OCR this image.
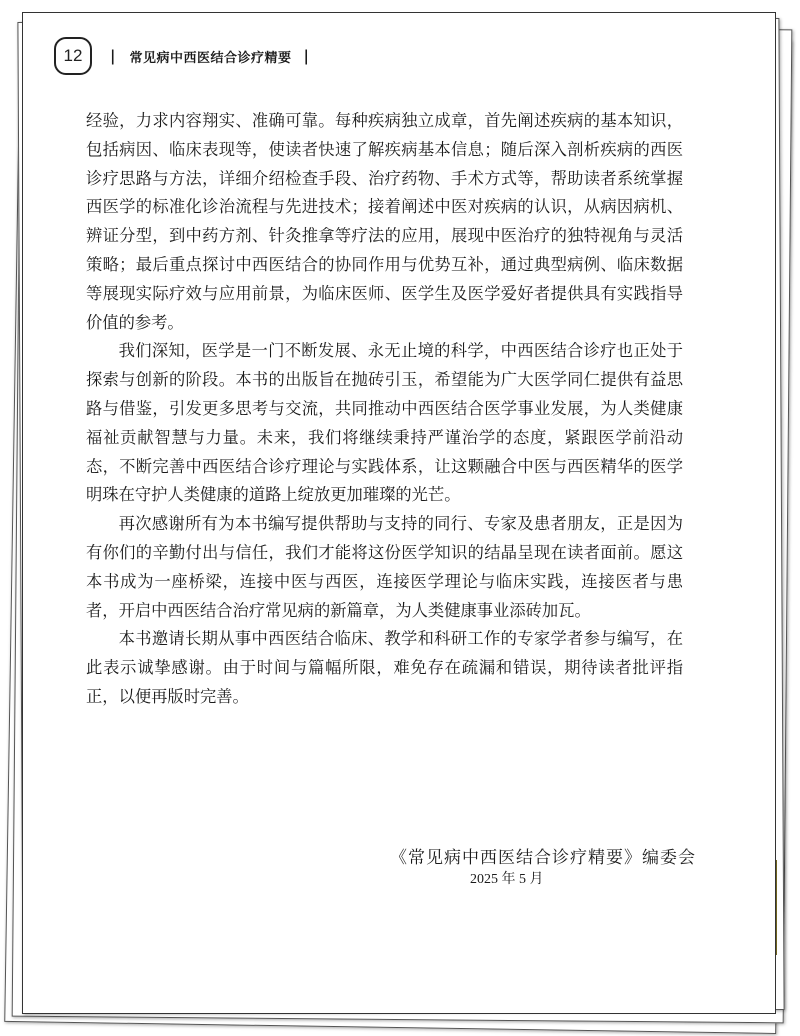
12	| 常见病中西医结合诊疗精要 |

经验，力求内容翔实、准确可靠。每种疾病独立成章，首先阐述疾病的基本知识，包括病因、临床表现等，使读者快速了解疾病基本信息；随后深入剖析疾病的西医诊疗思路与方法，详细介绍检查手段、治疗药物、手术方式等，帮助读者系统掌握西医学的标准化诊治流程与先进技术；接着阐述中医对疾病的认识，从病因病机、辨证分型，到中药方剂、针灸推拿等疗法的应用，展现中医治疗的独特视角与灵活策略；最后重点探讨中西医结合的协同作用与优势互补，通过典型病例、临床数据等展现实际疗效与应用前景，为临床医师、医学生及医学爱好者提供具有实践指导价值的参考。

我们深知，医学是一门不断发展、永无止境的科学，中西医结合诊疗也正处于探索与创新的阶段。本书的出版旨在抛砖引玉，希望能为广大医学同仁提供有益思路与借鉴，引发更多思考与交流，共同推动中西医结合医学事业发展，为人类健康福祉贡献智慧与力量。未来，我们将继续秉持严谨治学的态度，紧跟医学前沿动态，不断完善中西医结合诊疗理论与实践体系，让这颗融合中医与西医精华的医学明珠在守护人类健康的道路上绽放更加璀璨的光芒。

再次感谢所有为本书编写提供帮助与支持的同行、专家及患者朋友，正是因为有你们的辛勤付出与信任，我们才能将这份医学知识的结晶呈现在读者面前。愿这本书成为一座桥梁，连接中医与西医，连接医学理论与临床实践，连接医者与患者，开启中西医结合治疗常见病的新篇章，为人类健康事业添砖加瓦。

本书邀请长期从事中西医结合临床、教学和科研工作的专家学者参与编写，在此表示诚挚感谢。由于时间与篇幅所限，难免存在疏漏和错误，期待读者批评指正，以便再版时完善。

《常见病中西医结合诊疗精要》编委会
2025 年 5 月
